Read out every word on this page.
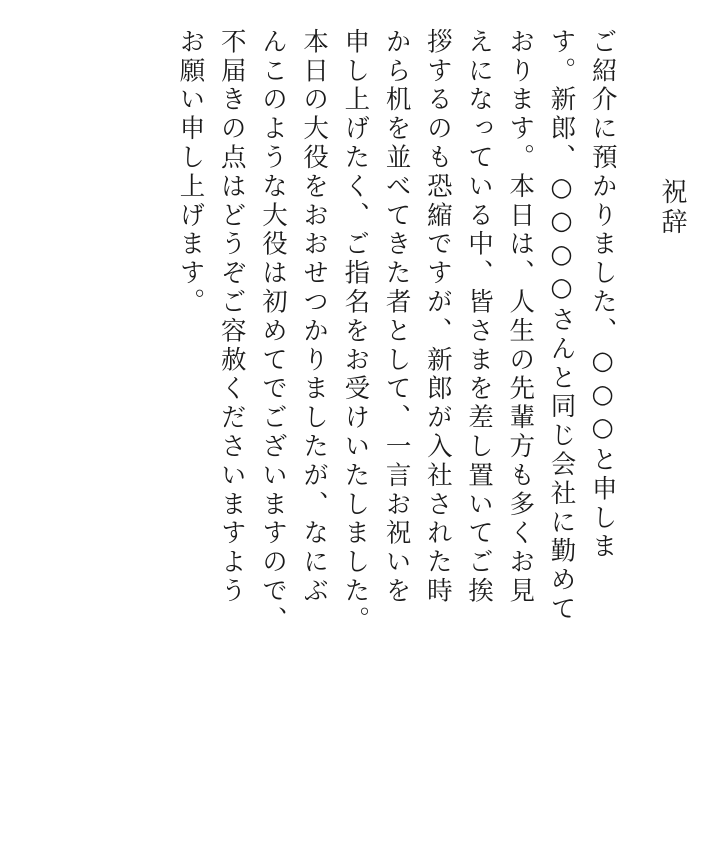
祝辞
ご紹介に預かりました、○○○と申しま
す。新郎、○○○○さんと同じ会社に勤めて
おります。本日は、人生の先輩方も多くお見
えになっている中、皆さまを差し置いてご挨
拶するのも恐縮ですが、新郎が入社された時
から机を並べてきた者として、一言お祝いを
申し上げたく、ご指名をお受けいたしました。
本日の大役をおおせつかりましたが、なにぶ
んこのような大役は初めてでございますので、
不届きの点はどうぞご容赦くださいますよう
お願い申し上げます。
